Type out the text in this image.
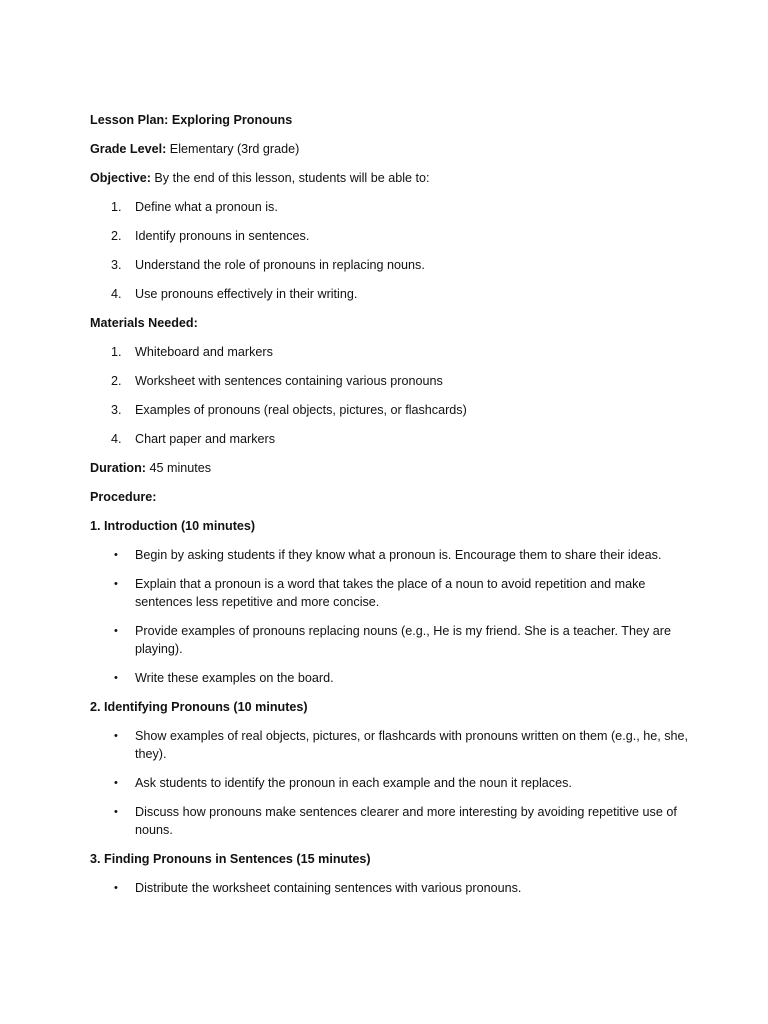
Lesson Plan: Exploring Pronouns

Grade Level: Elementary (3rd grade)

Objective: By the end of this lesson, students will be able to:

1. Define what a pronoun is.
2. Identify pronouns in sentences.
3. Understand the role of pronouns in replacing nouns.
4. Use pronouns effectively in their writing.

Materials Needed:

1. Whiteboard and markers
2. Worksheet with sentences containing various pronouns
3. Examples of pronouns (real objects, pictures, or flashcards)
4. Chart paper and markers

Duration: 45 minutes

Procedure:

1. Introduction (10 minutes)

• Begin by asking students if they know what a pronoun is. Encourage them to share their ideas.
• Explain that a pronoun is a word that takes the place of a noun to avoid repetition and make sentences less repetitive and more concise.
• Provide examples of pronouns replacing nouns (e.g., He is my friend. She is a teacher. They are playing).
• Write these examples on the board.

2. Identifying Pronouns (10 minutes)

• Show examples of real objects, pictures, or flashcards with pronouns written on them (e.g., he, she, they).
• Ask students to identify the pronoun in each example and the noun it replaces.
• Discuss how pronouns make sentences clearer and more interesting by avoiding repetitive use of nouns.

3. Finding Pronouns in Sentences (15 minutes)

• Distribute the worksheet containing sentences with various pronouns.
